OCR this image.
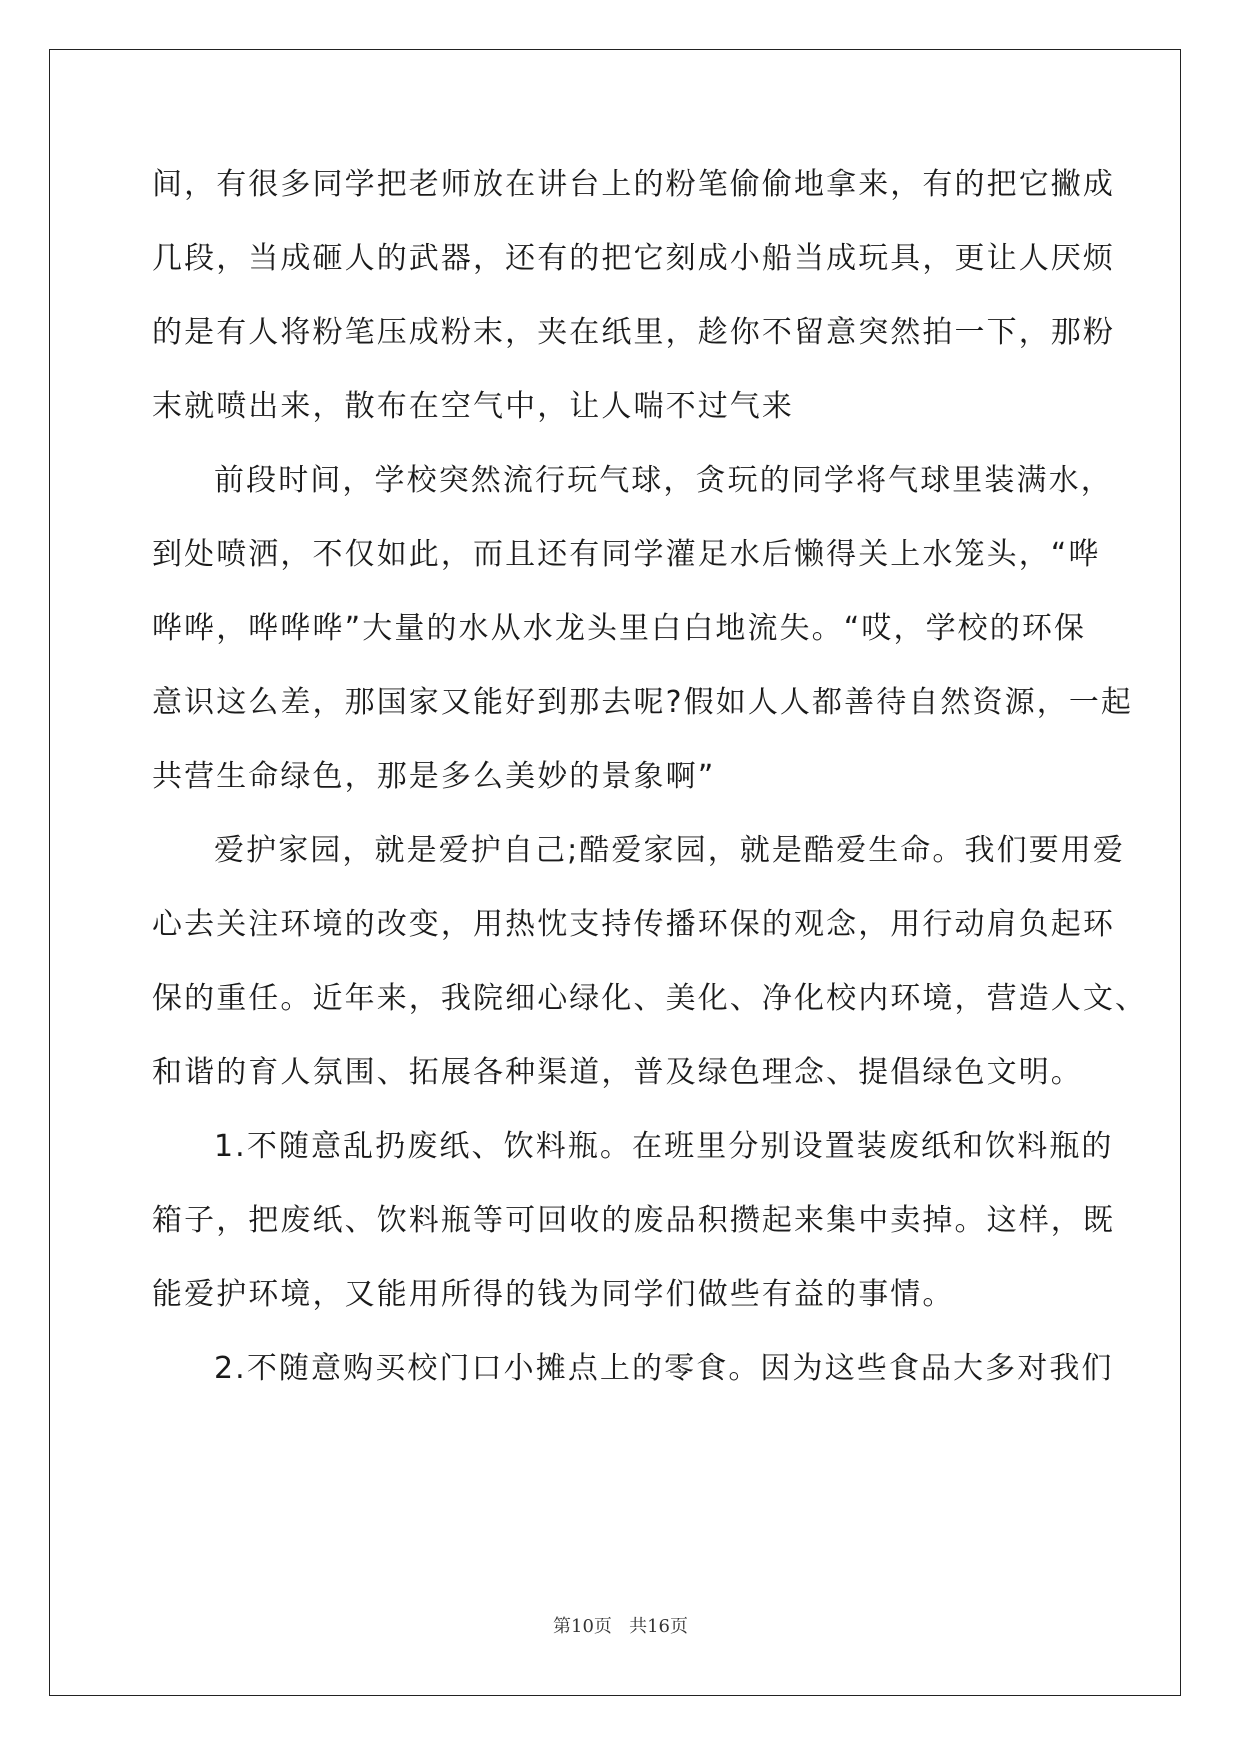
间，有很多同学把老师放在讲台上的粉笔偷偷地拿来，有的把它撇成
几段，当成砸人的武器，还有的把它刻成小船当成玩具，更让人厌烦
的是有人将粉笔压成粉末，夹在纸里，趁你不留意突然拍一下，那粉
末就喷出来，散布在空气中，让人喘不过气来
前段时间，学校突然流行玩气球，贪玩的同学将气球里装满水，
到处喷洒，不仅如此，而且还有同学灌足水后懒得关上水笼头，“哗
哗哗，哗哗哗”大量的水从水龙头里白白地流失。“哎，学校的环保
意识这么差，那国家又能好到那去呢?假如人人都善待自然资源，一起
共营生命绿色，那是多么美妙的景象啊”
爱护家园，就是爱护自己;酷爱家园，就是酷爱生命。我们要用爱
心去关注环境的改变，用热忱支持传播环保的观念，用行动肩负起环
保的重任。近年来，我院细心绿化、美化、净化校内环境，营造人文、
和谐的育人氛围、拓展各种渠道，普及绿色理念、提倡绿色文明。
1.不随意乱扔废纸、饮料瓶。在班里分别设置装废纸和饮料瓶的
箱子，把废纸、饮料瓶等可回收的废品积攒起来集中卖掉。这样，既
能爱护环境，又能用所得的钱为同学们做些有益的事情。
2.不随意购买校门口小摊点上的零食。因为这些食品大多对我们
第10页   共16页
